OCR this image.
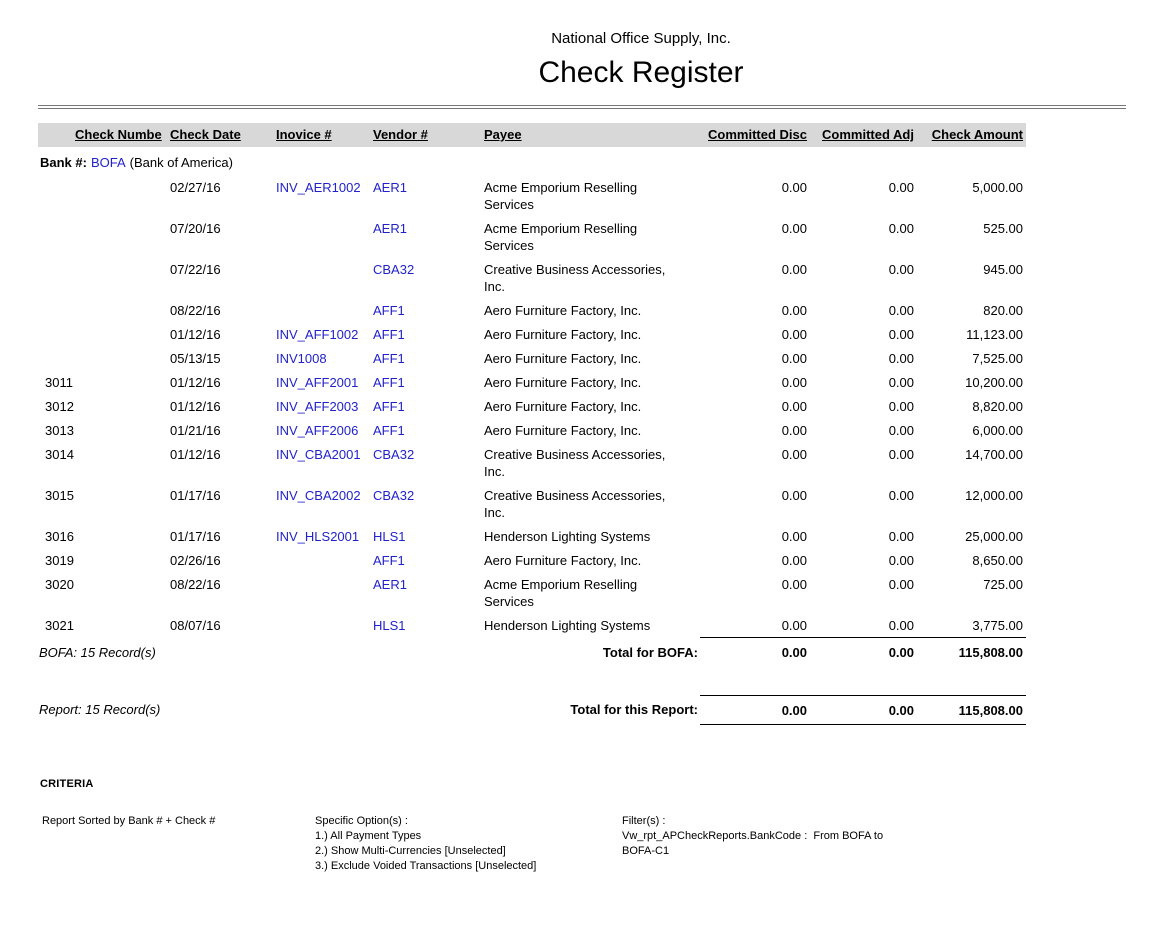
National Office Supply, Inc.
Check Register
Check Numbe	Check Date	Inovice #	Vendor #	Payee	Committed Disc	Committed Adj	Check Amount
Bank #: BOFA (Bank of America)							
	02/27/16	INV_AER1002	AER1	Acme Emporium Reselling Services	0.00	0.00	5,000.00
	07/20/16		AER1	Acme Emporium Reselling Services	0.00	0.00	525.00
	07/22/16		CBA32	Creative Business Accessories, Inc.	0.00	0.00	945.00
	08/22/16		AFF1	Aero Furniture Factory, Inc.	0.00	0.00	820.00
	01/12/16	INV_AFF1002	AFF1	Aero Furniture Factory, Inc.	0.00	0.00	11,123.00
	05/13/15	INV1008	AFF1	Aero Furniture Factory, Inc.	0.00	0.00	7,525.00
3011	01/12/16	INV_AFF2001	AFF1	Aero Furniture Factory, Inc.	0.00	0.00	10,200.00
3012	01/12/16	INV_AFF2003	AFF1	Aero Furniture Factory, Inc.	0.00	0.00	8,820.00
3013	01/21/16	INV_AFF2006	AFF1	Aero Furniture Factory, Inc.	0.00	0.00	6,000.00
3014	01/12/16	INV_CBA2001	CBA32	Creative Business Accessories, Inc.	0.00	0.00	14,700.00
3015	01/17/16	INV_CBA2002	CBA32	Creative Business Accessories, Inc.	0.00	0.00	12,000.00
3016	01/17/16	INV_HLS2001	HLS1	Henderson Lighting Systems	0.00	0.00	25,000.00
3019	02/26/16		AFF1	Aero Furniture Factory, Inc.	0.00	0.00	8,650.00
3020	08/22/16		AER1	Acme Emporium Reselling Services	0.00	0.00	725.00
3021	08/07/16		HLS1	Henderson Lighting Systems	0.00	0.00	3,775.00
BOFA: 15 Record(s)				Total for BOFA:	0.00	0.00	115,808.00

Report: 15 Record(s)				Total for this Report:	0.00	0.00	115,808.00
CRITERIA
Report Sorted by Bank # + Check #	Specific Option(s) :
1.) All Payment Types
2.) Show Multi-Currencies [Unselected]
3.) Exclude Voided Transactions [Unselected]
Filter(s) :
Vw_rpt_APCheckReports.BankCode :  From BOFA to BOFA-C1
